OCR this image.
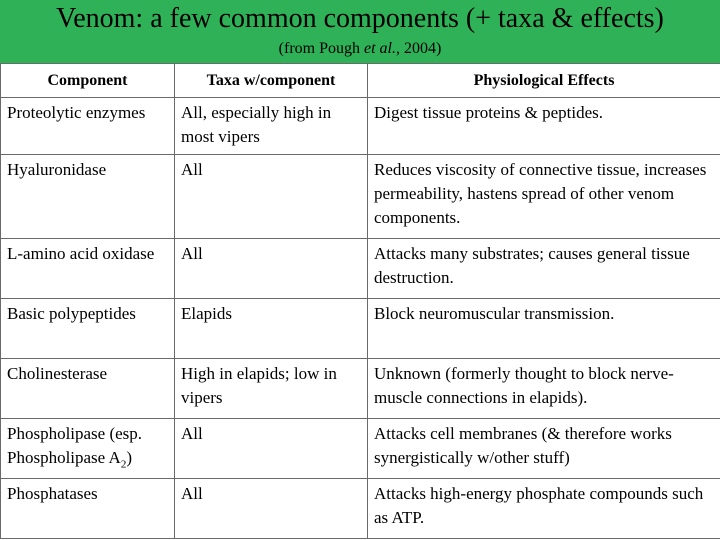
Venom: a few common components (+ taxa & effects)
(from Pough et al., 2004)
Component	Taxa w/component	Physiological Effects
Proteolytic enzymes	All, especially high in most vipers	Digest tissue proteins & peptides.
Hyaluronidase	All	Reduces viscosity of connective tissue, increases permeability, hastens spread of other venom components.
L-amino acid oxidase	All	Attacks many substrates; causes general tissue destruction.
Basic polypeptides	Elapids	Block neuromuscular transmission.
Cholinesterase	High in elapids; low in vipers	Unknown (formerly thought to block nerve-muscle connections in elapids).
Phospholipase (esp. Phospholipase $A_2$)	All	Attacks cell membranes (& therefore works synergistically w/other stuff)
Phosphatases	All	Attacks high-energy phosphate compounds such as ATP.
